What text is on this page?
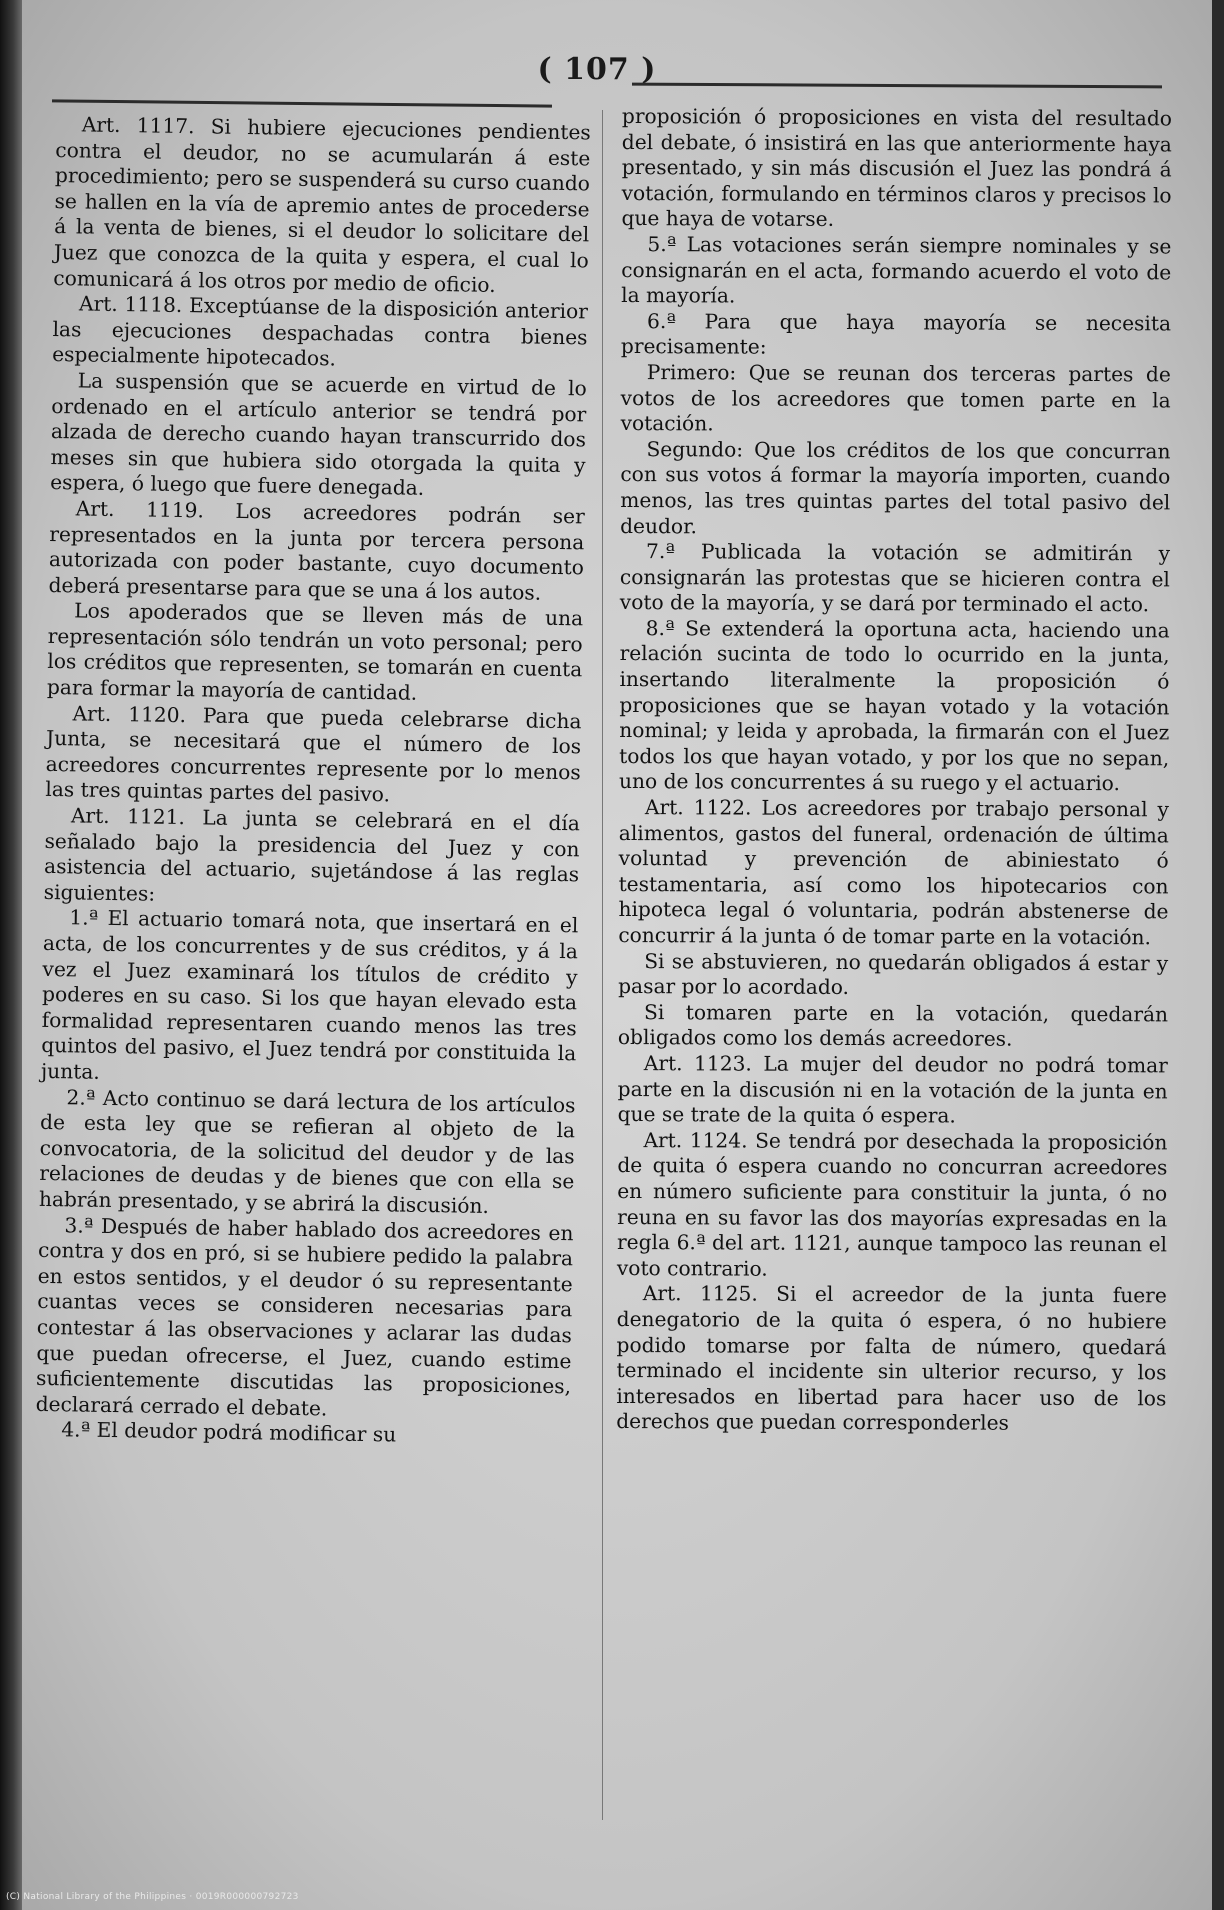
( 107 )

Art. 1117. Si hubiere ejecuciones pendientes contra el deudor, no se acumularán á este procedimiento; pero se suspenderá su curso cuando se hallen en la vía de apremio antes de procederse á la venta de bienes, si el deudor lo solicitare del Juez que conozca de la quita y espera, el cual lo comunicará á los otros por medio de oficio.

Art. 1118. Exceptúanse de la disposición anterior las ejecuciones despachadas contra bienes especialmente hipotecados.

La suspensión que se acuerde en virtud de lo ordenado en el artículo anterior se tendrá por alzada de derecho cuando hayan transcurrido dos meses sin que hubiera sido otorgada la quita y espera, ó luego que fuere denegada.

Art. 1119. Los acreedores podrán ser representados en la junta por tercera persona autorizada con poder bastante, cuyo documento deberá presentarse para que se una á los autos.

Los apoderados que se lleven más de una representación sólo tendrán un voto personal; pero los créditos que representen, se tomarán en cuenta para formar la mayoría de cantidad.

Art. 1120. Para que pueda celebrarse dicha Junta, se necesitará que el número de los acreedores concurrentes represente por lo menos las tres quintas partes del pasivo.

Art. 1121. La junta se celebrará en el día señalado bajo la presidencia del Juez y con asistencia del actuario, sujetándose á las reglas siguientes:

1.ª El actuario tomará nota, que insertará en el acta, de los concurrentes y de sus créditos, y á la vez el Juez examinará los títulos de crédito y poderes en su caso. Si los que hayan elevado esta formalidad representaren cuando menos las tres quintos del pasivo, el Juez tendrá por constituida la junta.

2.ª Acto continuo se dará lectura de los artículos de esta ley que se refieran al objeto de la convocatoria, de la solicitud del deudor y de las relaciones de deudas y de bienes que con ella se habrán presentado, y se abrirá la discusión.

3.ª Después de haber hablado dos acreedores en contra y dos en pró, si se hubiere pedido la palabra en estos sentidos, y el deudor ó su representante cuantas veces se consideren necesarias para contestar á las observaciones y aclarar las dudas que puedan ofrecerse, el Juez, cuando estime suficientemente discutidas las proposiciones, declarará cerrado el debate.

4.ª El deudor podrá modificar su

proposición ó proposiciones en vista del resultado del debate, ó insistirá en las que anteriormente haya presentado, y sin más discusión el Juez las pondrá á votación, formulando en términos claros y precisos lo que haya de votarse.

5.ª Las votaciones serán siempre nominales y se consignarán en el acta, formando acuerdo el voto de la mayoría.

6.ª Para que haya mayoría se necesita precisamente:

Primero: Que se reunan dos terceras partes de votos de los acreedores que tomen parte en la votación.

Segundo: Que los créditos de los que concurran con sus votos á formar la mayoría importen, cuando menos, las tres quintas partes del total pasivo del deudor.

7.ª Publicada la votación se admitirán y consignarán las protestas que se hicieren contra el voto de la mayoría, y se dará por terminado el acto.

8.ª Se extenderá la oportuna acta, haciendo una relación sucinta de todo lo ocurrido en la junta, insertando literalmente la proposición ó proposiciones que se hayan votado y la votación nominal; y leida y aprobada, la firmarán con el Juez todos los que hayan votado, y por los que no sepan, uno de los concurrentes á su ruego y el actuario.

Art. 1122. Los acreedores por trabajo personal y alimentos, gastos del funeral, ordenación de última voluntad y prevención de abiniestato ó testamentaria, así como los hipotecarios con hipoteca legal ó voluntaria, podrán abstenerse de concurrir á la junta ó de tomar parte en la votación.

Si se abstuvieren, no quedarán obligados á estar y pasar por lo acordado.

Si tomaren parte en la votación, quedarán obligados como los demás acreedores.

Art. 1123. La mujer del deudor no podrá tomar parte en la discusión ni en la votación de la junta en que se trate de la quita ó espera.

Art. 1124. Se tendrá por desechada la proposición de quita ó espera cuando no concurran acreedores en número suficiente para constituir la junta, ó no reuna en su favor las dos mayorías expresadas en la regla 6.ª del art. 1121, aunque tampoco las reunan el voto contrario.

Art. 1125. Si el acreedor de la junta fuere denegatorio de la quita ó espera, ó no hubiere podido tomarse por falta de número, quedará terminado el incidente sin ulterior recurso, y los interesados en libertad para hacer uso de los derechos que puedan corresponderles

(C) National Library of the Philippines · 0019R000000792723
